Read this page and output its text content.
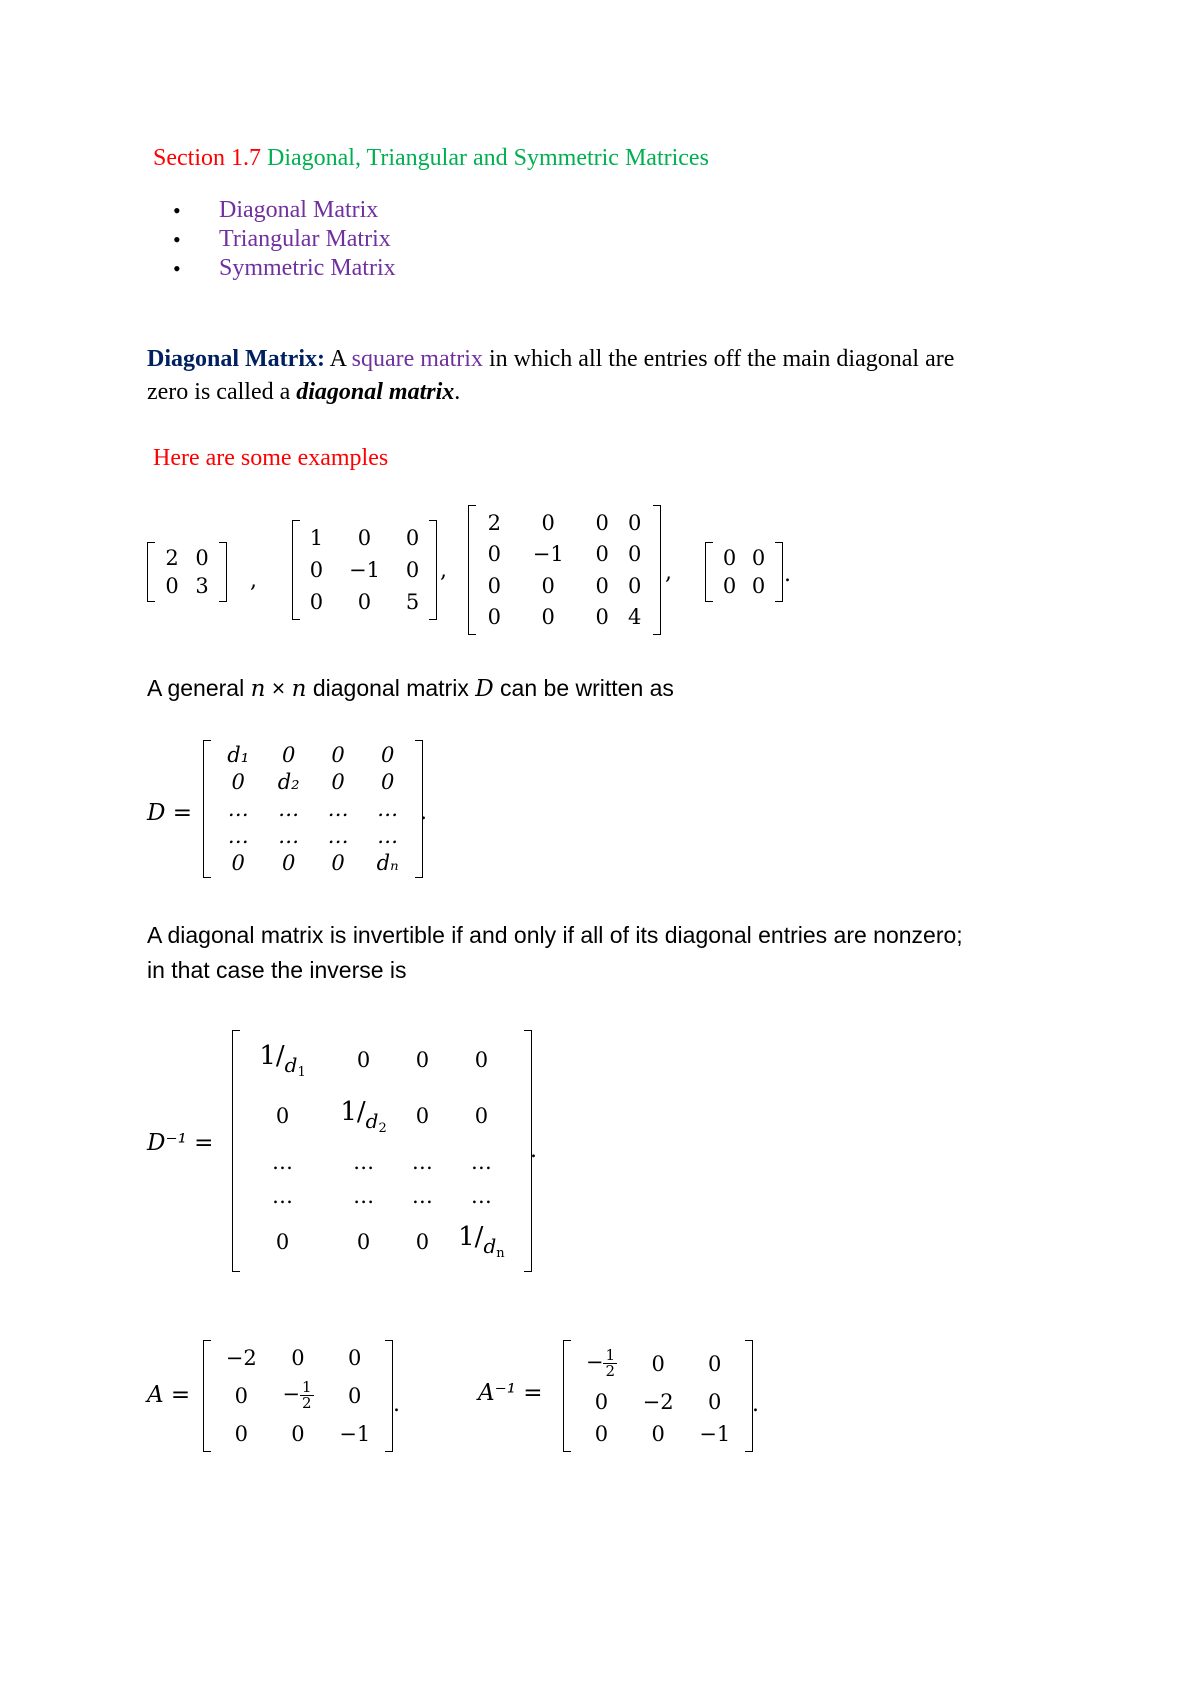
Section 1.7 Diagonal, Triangular and Symmetric Matrices
• Diagonal Matrix
• Triangular Matrix
• Symmetric Matrix
Diagonal Matrix: A square matrix in which all the entries off the main diagonal are zero is called a diagonal matrix.
Here are some examples
2	0
0	3 ,
1	0	0
0	−1	0
0	0	5
,
2	0	0	0
0	−1	0	0
0	0	0	0
0	0	0	4
,
0	0
0	0 .
A general n × n diagonal matrix D can be written as
D =
d₁	0	0	0
0	d₂	0	0
…	…	…	…
…	…	…	…
0	0	0	dₙ
.
A diagonal matrix is invertible if and only if all of its diagonal entries are nonzero; in that case the inverse is
D⁻¹ =
$1/_{d_1}$	0	0	0
0	$1/_{d_2}$	0	0
…	…	…	…
…	…	…	…
0	0	0	$1/_{d_n}$
.
A =
−2	0	0
0	− $\frac{1}{2}$	0
0	0	−1
.	A⁻¹ =
− $\frac{1}{2}$	0	0
0	−2	0
0	0	−1
.
